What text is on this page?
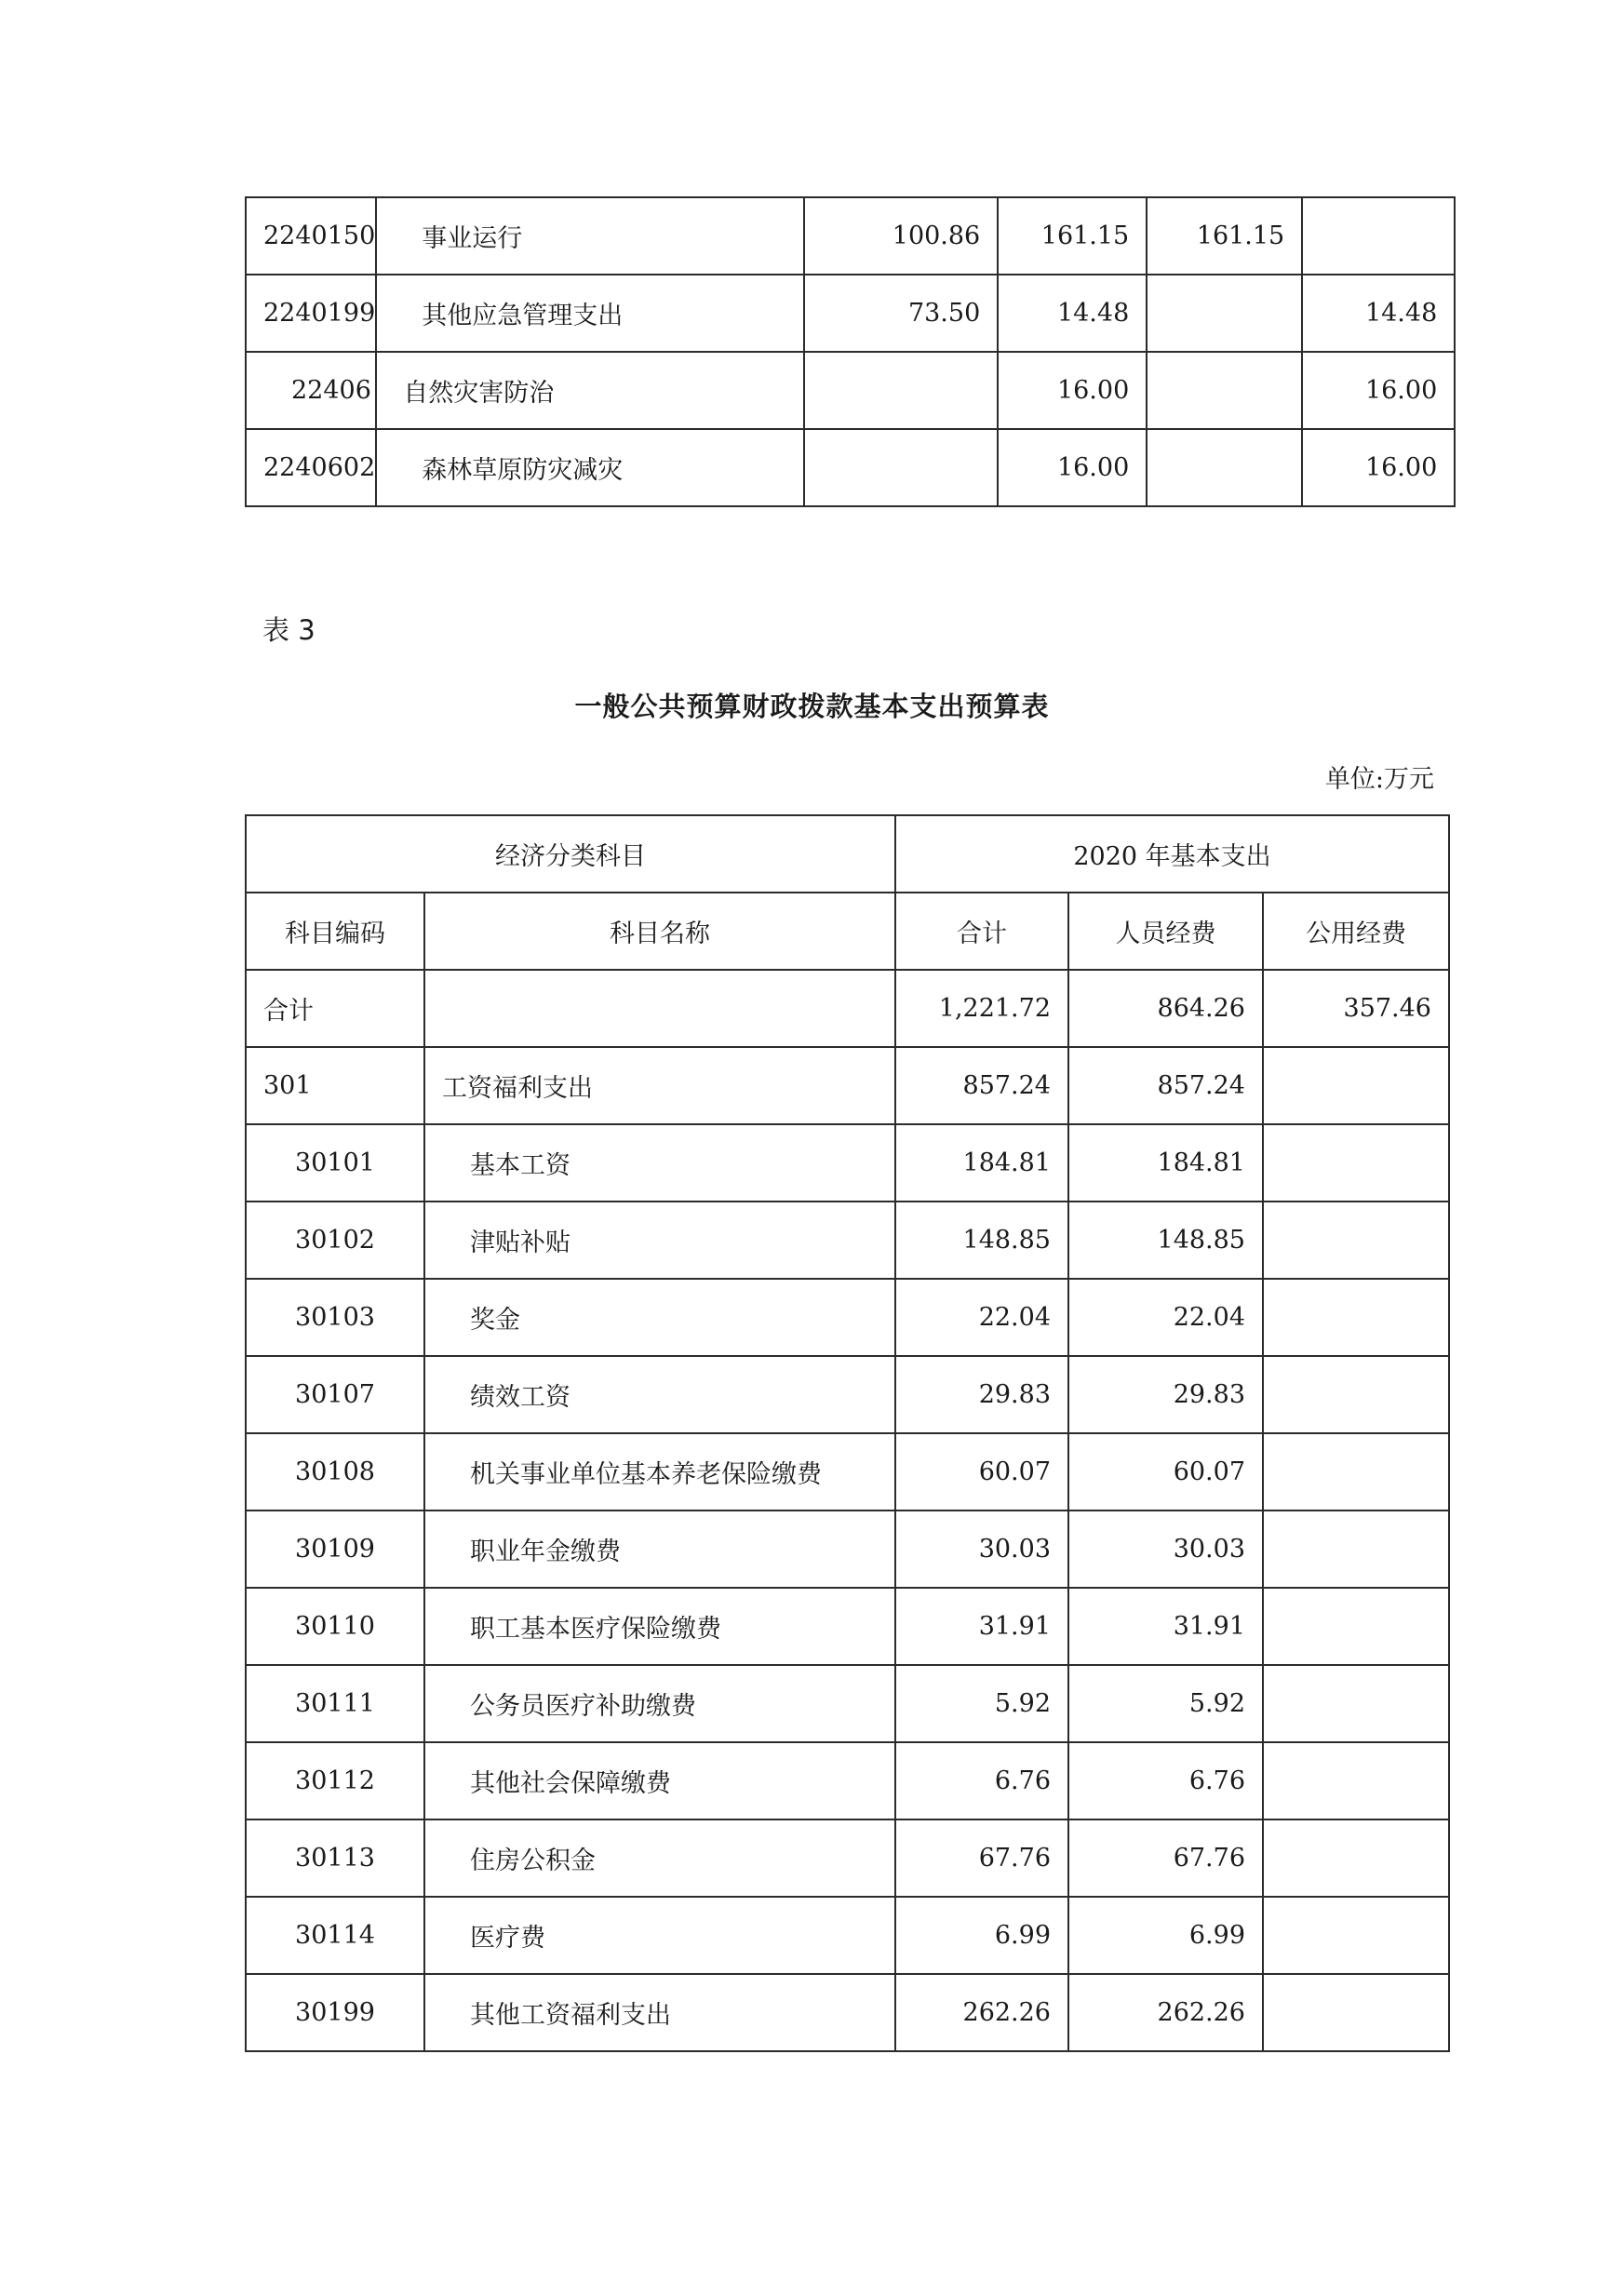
2240150	事业运行	100.86	161.15	161.15	
2240199	其他应急管理支出	73.50	14.48		14.48
22406	自然灾害防治		16.00		16.00
2240602	森林草原防灾减灾		16.00		16.00
表 3
一般公共预算财政拨款基本支出预算表
单位:万元
经济分类科目		2020 年基本支出		
科目编码	科目名称	合计	人员经费	公用经费
合计		1,221.72	864.26	357.46
301	工资福利支出	857.24	857.24	
30101	基本工资	184.81	184.81	
30102	津贴补贴	148.85	148.85	
30103	奖金	22.04	22.04	
30107	绩效工资	29.83	29.83	
30108	机关事业单位基本养老保险缴费	60.07	60.07	
30109	职业年金缴费	30.03	30.03	
30110	职工基本医疗保险缴费	31.91	31.91	
30111	公务员医疗补助缴费	5.92	5.92	
30112	其他社会保障缴费	6.76	6.76	
30113	住房公积金	67.76	67.76	
30114	医疗费	6.99	6.99	
30199	其他工资福利支出	262.26	262.26	
